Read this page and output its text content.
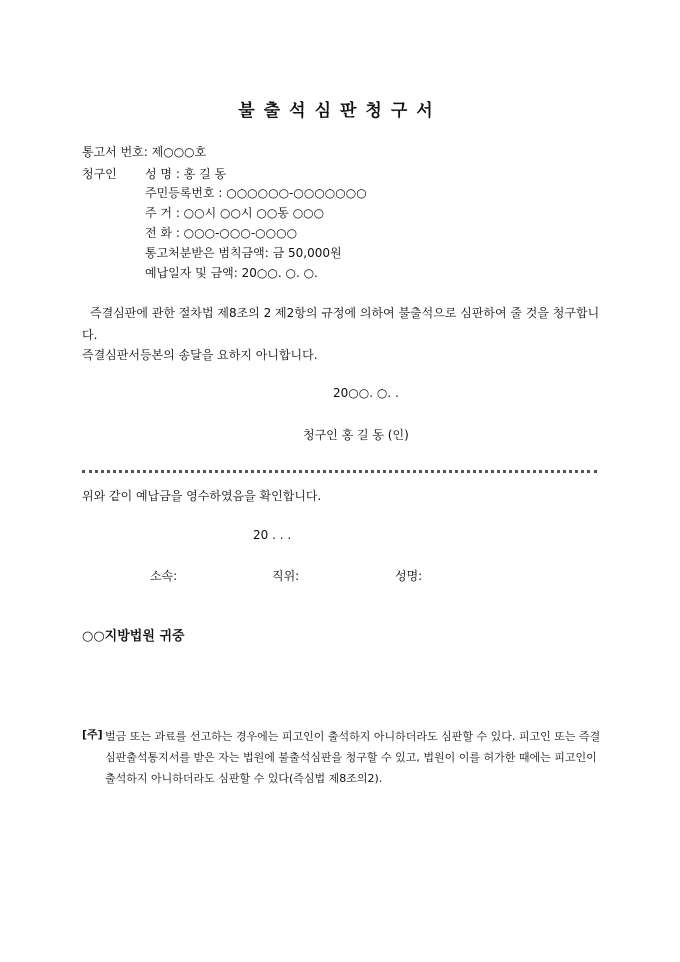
불출석심판청구서
통고서 번호: 제○○○호
청구인 성 명 : 홍 길 동
주민등록번호 : ○○○○○○-○○○○○○○
주 거 : ○○시 ○○시 ○○동 ○○○
전 화 : ○○○-○○○-○○○○
통고처분받은 범칙금액: 금 50,000원
예납일자 및 금액: 20○○. ○. ○.
즉결심판에 관한 절차법 제8조의 2 제2항의 규정에 의하여 불출석으로 심판하여 줄 것을 청구합니다.
즉결심판서등본의 송달을 요하지 아니합니다.
20○○. ○. .
청구인 홍 길 동 (인)
위와 같이 예납금을 영수하였음을 확인합니다.
20 . . .
소속:	직위:	성명:
○○지방법원 귀중
[주] 벌금 또는 과료를 선고하는 경우에는 피고인이 출석하지 아니하더라도 심판할 수 있다. 피고인 또는 즉결심판출석통지서를 받은 자는 법원에 불출석심판을 청구할 수 있고, 법원이 이를 허가한 때에는 피고인이 출석하지 아니하더라도 심판할 수 있다(즉심법 제8조의2).
